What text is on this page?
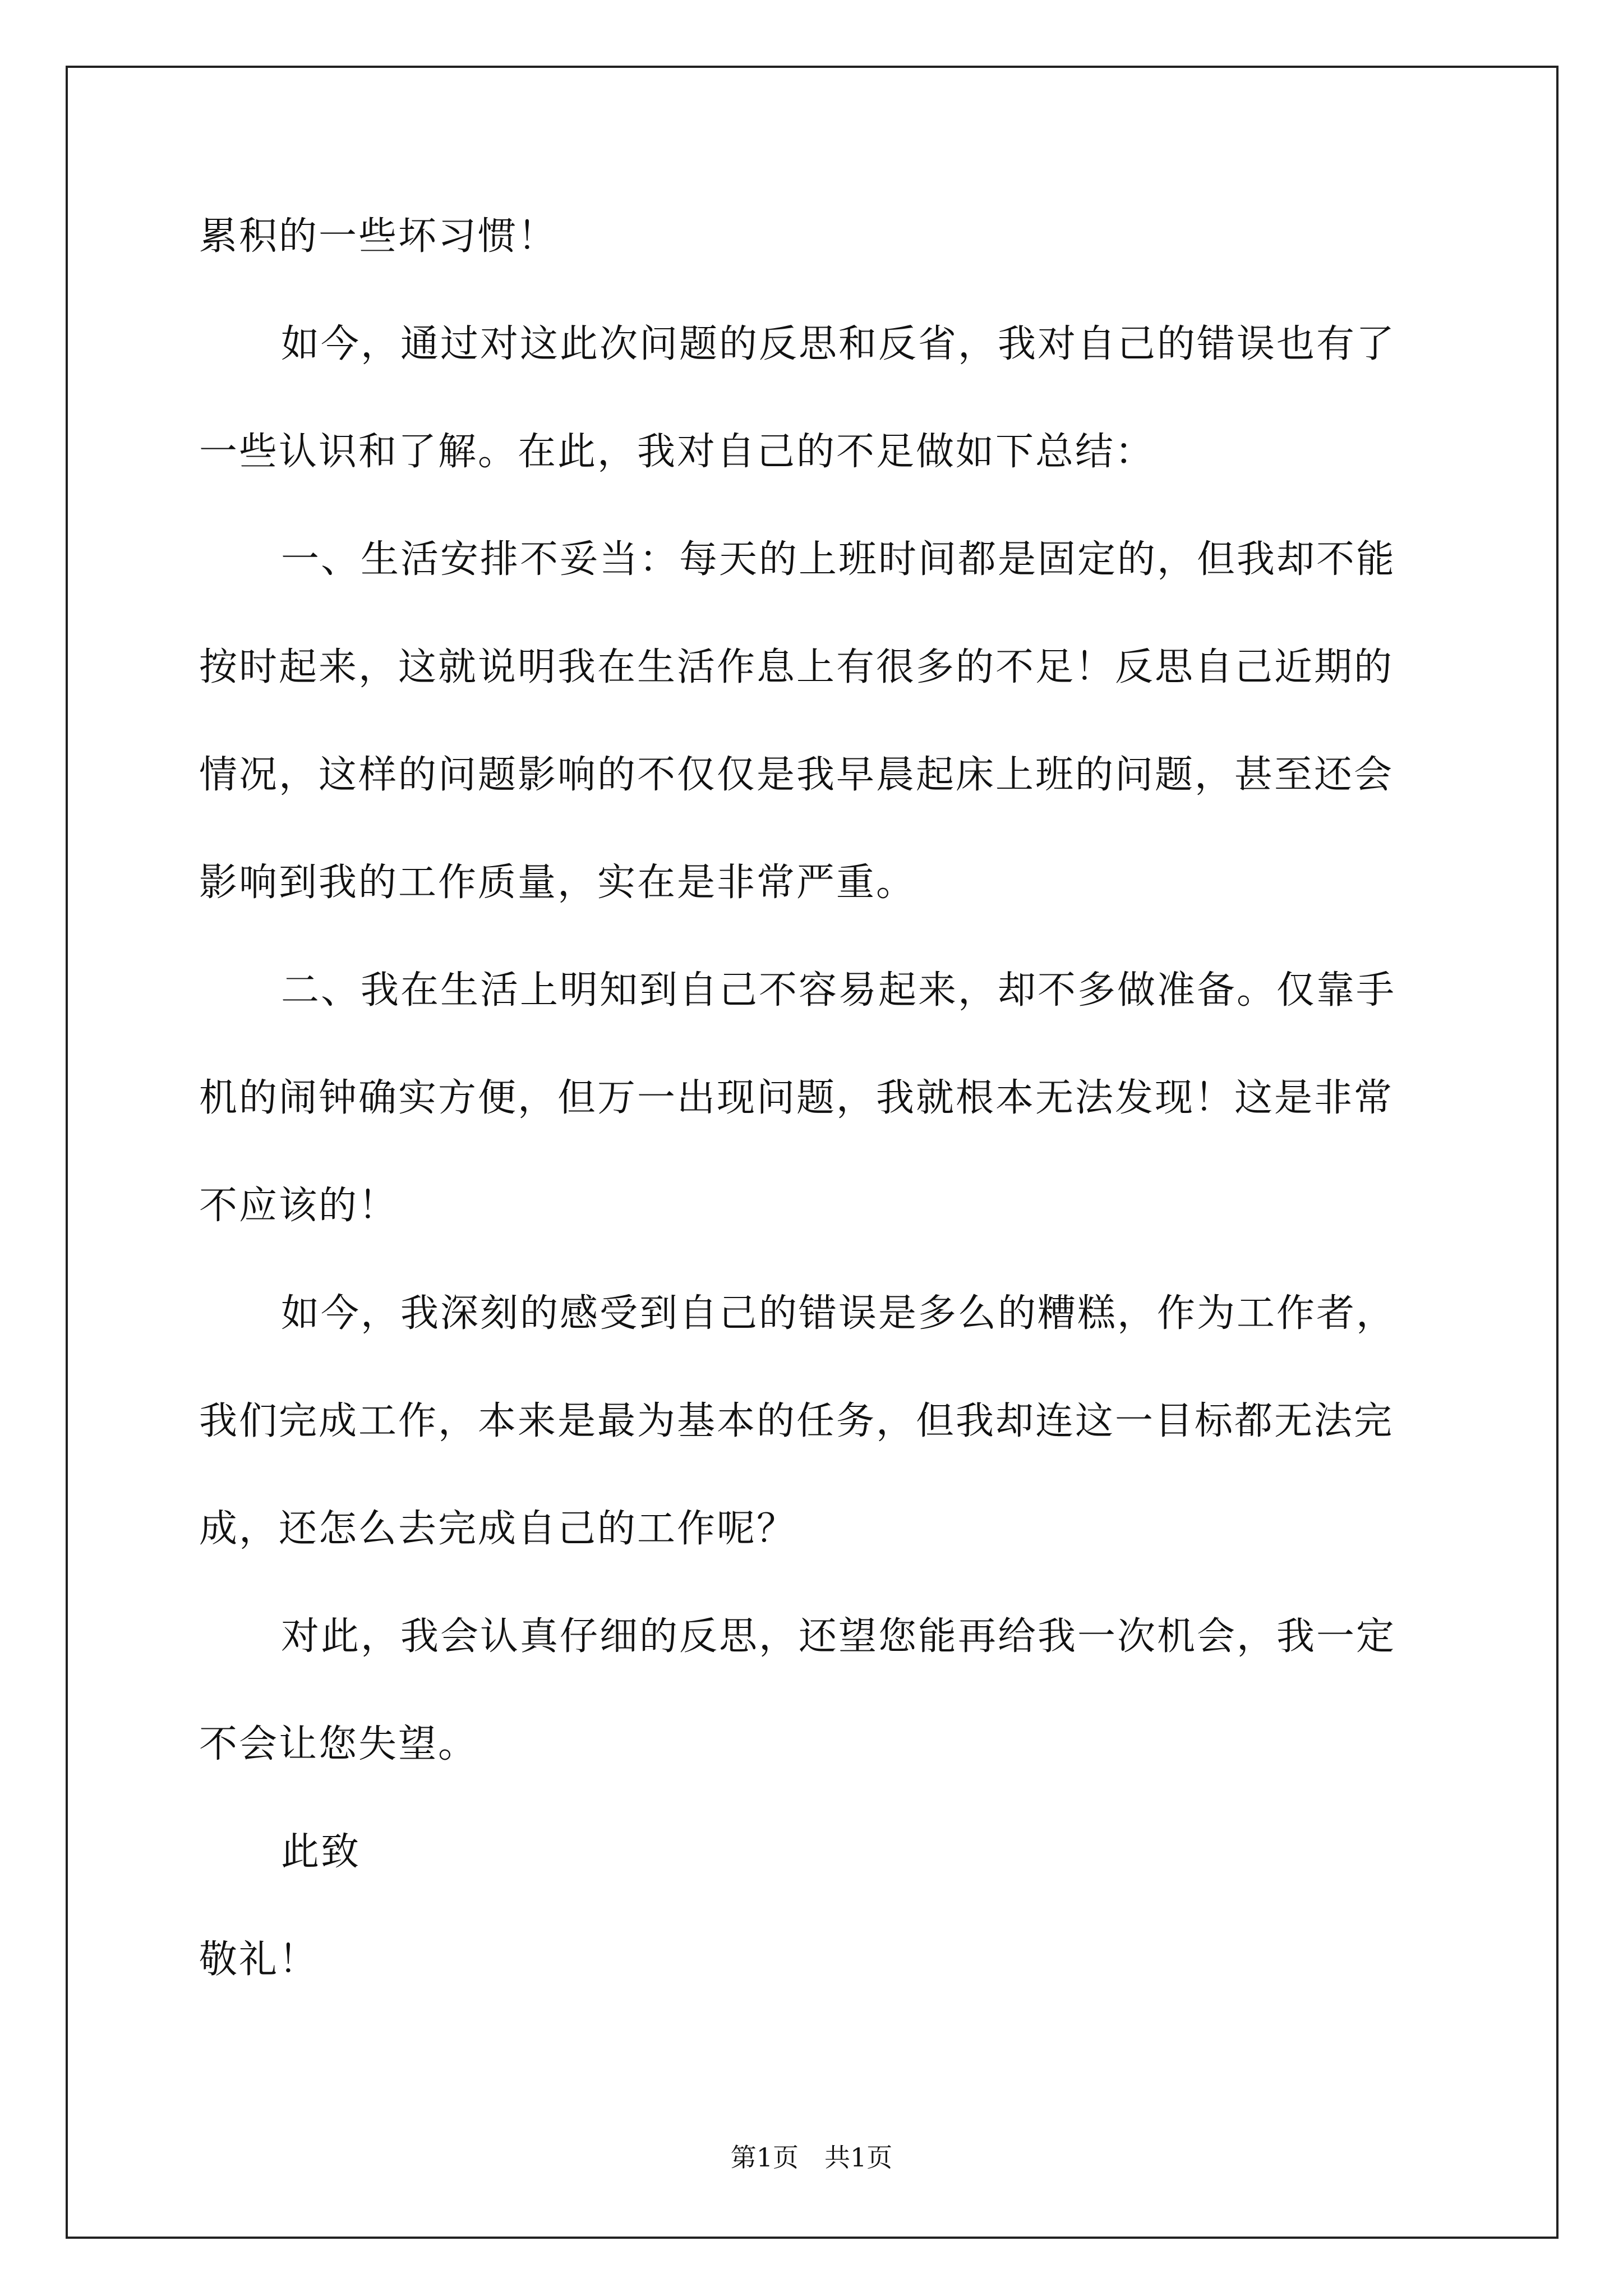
累积的一些坏习惯！
如今，通过对这此次问题的反思和反省，我对自己的错误也有了
一些认识和了解。在此，我对自己的不足做如下总结：
一、生活安排不妥当：每天的上班时间都是固定的，但我却不能
按时起来，这就说明我在生活作息上有很多的不足！反思自己近期的
情况，这样的问题影响的不仅仅是我早晨起床上班的问题，甚至还会
影响到我的工作质量，实在是非常严重。
二、我在生活上明知到自己不容易起来，却不多做准备。仅靠手
机的闹钟确实方便，但万一出现问题，我就根本无法发现！这是非常
不应该的！
如今，我深刻的感受到自己的错误是多么的糟糕，作为工作者，
我们完成工作，本来是最为基本的任务，但我却连这一目标都无法完
成，还怎么去完成自己的工作呢？
对此，我会认真仔细的反思，还望您能再给我一次机会，我一定
不会让您失望。
此致
敬礼！
第1页　共1页
